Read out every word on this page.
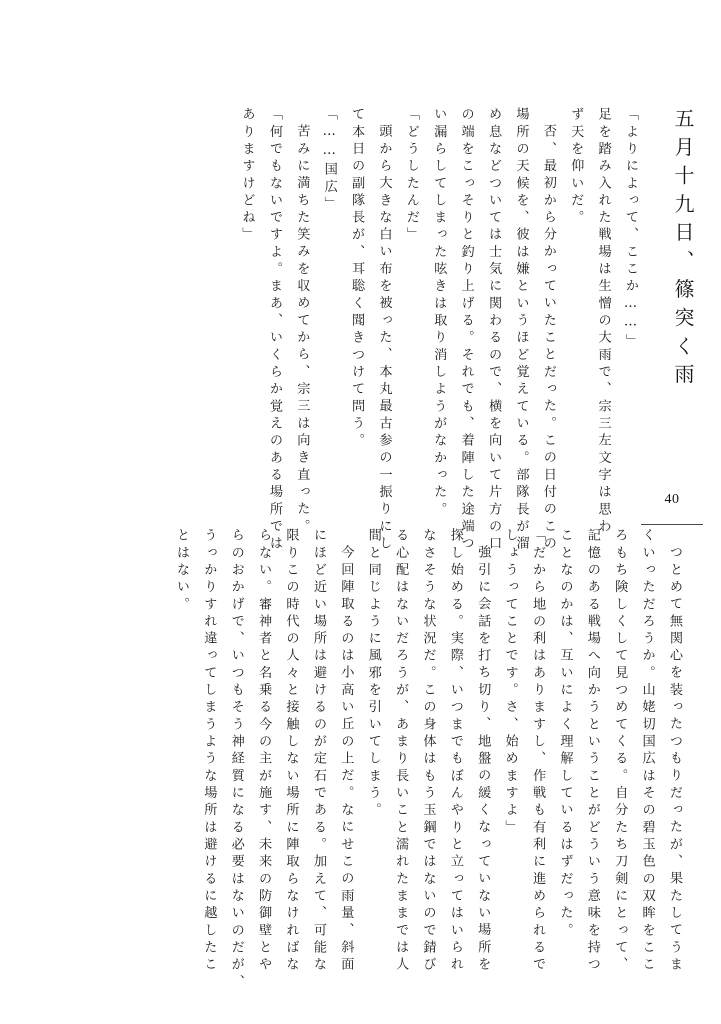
五月十九日、篠突く雨
「よりによって、ここか……」
足を踏み入れた戦場は生憎の大雨で、宗三左文字は思わ
ず天を仰いだ。
否、最初から分かっていたことだった。この日付のこの
場所の天候を、彼は嫌というほど覚えている。部隊長が溜
め息などついては士気に関わるので、横を向いて片方の口
の端をこっそりと釣り上げる。それでも、着陣した途端つ
い漏らしてしまった呟きは取り消しようがなかった。
「どうしたんだ」
頭から大きな白い布を被った、本丸最古参の一振りにし
て本日の副隊長が、耳聡く聞きつけて問う。
「……国広」
苦みに満ちた笑みを収めてから、宗三は向き直った。
「何でもないですよ。まあ、いくらか覚えのある場所では
ありますけどね」
40
つとめて無関心を装ったつもりだったが、果たしてうま
くいっただろうか。山姥切国広はその碧玉色の双眸をここ
ろもち険しくして見つめてくる。自分たち刀剣にとって、
記憶のある戦場へ向かうということがどういう意味を持つ
ことなのかは、互いによく理解しているはずだった。
「だから地の利はありますし、作戦も有利に進められるで
しょうってことです。さ、始めますよ」
強引に会話を打ち切り、地盤の緩くなっていない場所を
探し始める。実際、いつまでもぼんやりと立ってはいられ
なさそうな状況だ。この身体はもう玉鋼ではないので錆び
る心配はないだろうが、あまり長いこと濡れたままでは人
間と同じように風邪を引いてしまう。
今回陣取るのは小高い丘の上だ。なにせこの雨量、斜面
にほど近い場所は避けるのが定石である。加えて、可能な
限りこの時代の人々と接触しない場所に陣取らなければな
らない。審神者と名乗る今の主が施す、未来の防御壁とや
らのおかげで、いつもそう神経質になる必要はないのだが、
うっかりすれ違ってしまうような場所は避けるに越したこ
とはない。
